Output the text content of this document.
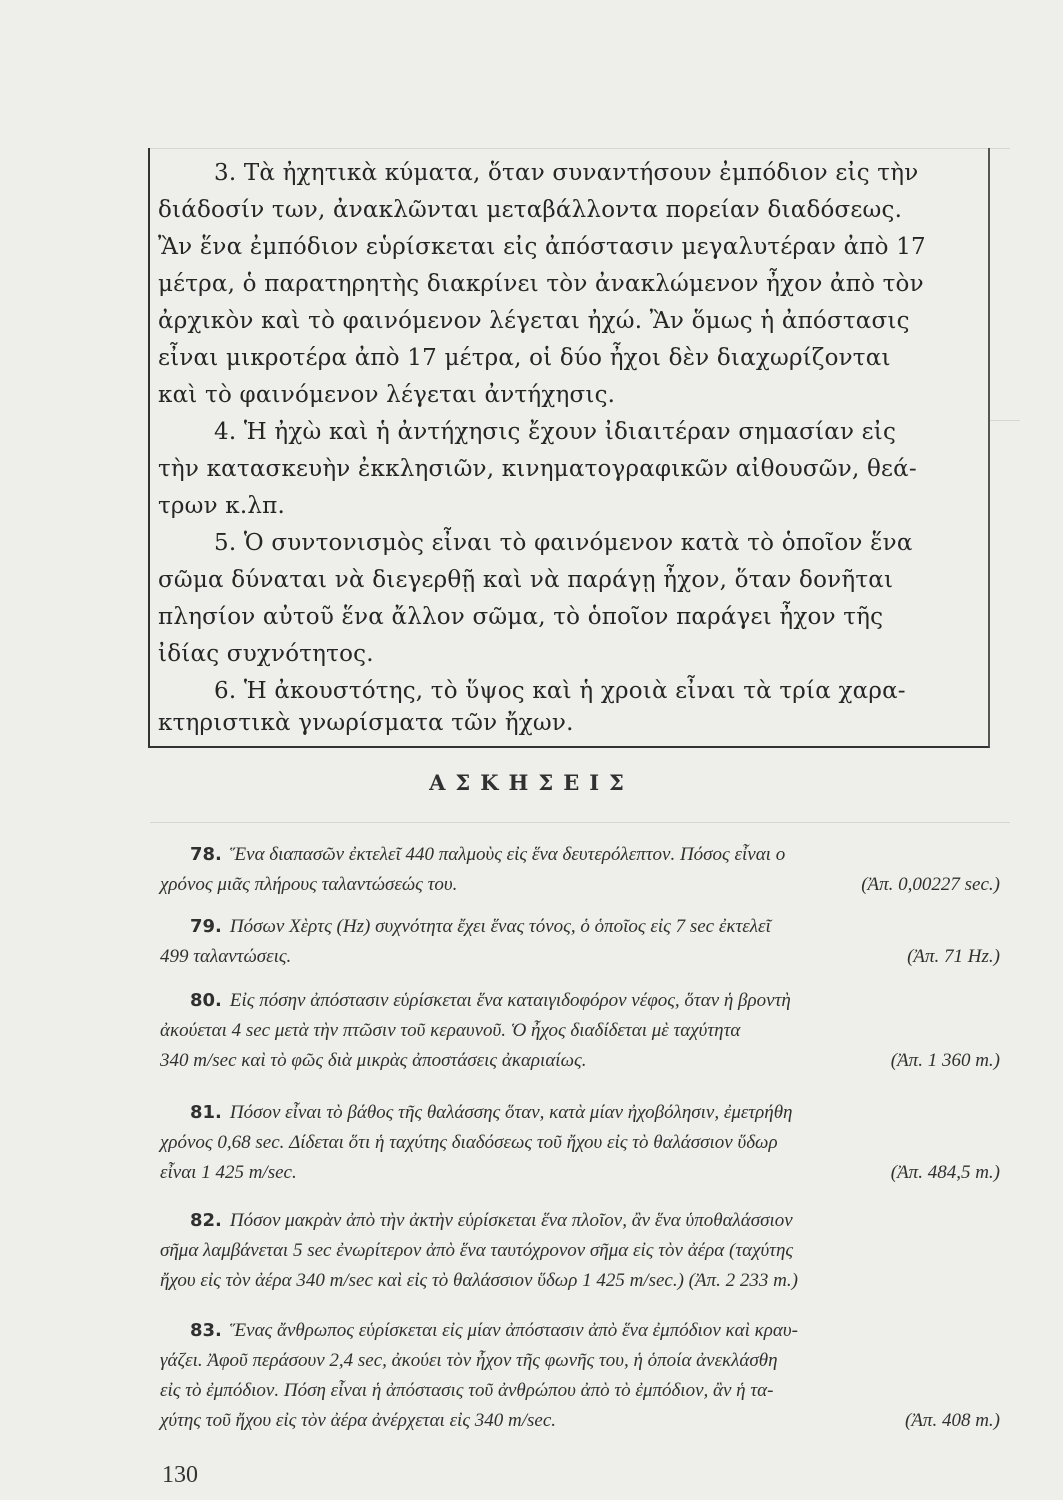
3. Τὰ ἠχητικὰ κύματα, ὅταν συναντήσουν ἐμπόδιον εἰς τὴν
διάδοσίν των, ἀνακλῶνται μεταβάλλοντα πορείαν διαδόσεως.
Ἂν ἕνα ἐμπόδιον εὑρίσκεται εἰς ἀπόστασιν μεγαλυτέραν ἀπὸ 17
μέτρα, ὁ παρατηρητὴς διακρίνει τὸν ἀνακλώμενον ἦχον ἀπὸ τὸν
ἀρχικὸν καὶ τὸ φαινόμενον λέγεται ἠχώ. Ἂν ὅμως ἡ ἀπόστασις
εἶναι μικροτέρα ἀπὸ 17 μέτρα, οἱ δύο ἦχοι δὲν διαχωρίζονται
καὶ τὸ φαινόμενον λέγεται ἀντήχησις.
4. Ἡ ἠχὼ καὶ ἡ ἀντήχησις ἔχουν ἰδιαιτέραν σημασίαν εἰς
τὴν κατασκευὴν ἐκκλησιῶν, κινηματογραφικῶν αἰθουσῶν, θεά-
τρων κ.λπ.
5. Ὁ συντονισμὸς εἶναι τὸ φαινόμενον κατὰ τὸ ὁποῖον ἕνα
σῶμα δύναται νὰ διεγερθῇ καὶ νὰ παράγῃ ἦχον, ὅταν δονῆται
πλησίον αὐτοῦ ἕνα ἄλλον σῶμα, τὸ ὁποῖον παράγει ἦχον τῆς
ἰδίας συχνότητος.
6. Ἡ ἀκουστότης, τὸ ὕψος καὶ ἡ χροιὰ εἶναι τὰ τρία χαρα-
κτηριστικὰ γνωρίσματα τῶν ἤχων.
ΑΣΚΗΣΕΙΣ
78. Ἕνα διαπασῶν ἐκτελεῖ 440 παλμοὺς εἰς ἕνα δευτερόλεπτον. Πόσος εἶναι ο
χρόνος μιᾶς πλήρους ταλαντώσεώς του.	(Ἀπ. 0,00227 sec.)
79. Πόσων Χὲρτς (Hz) συχνότητα ἔχει ἕνας τόνος, ὁ ὁποῖος εἰς 7 sec ἐκτελεῖ
499 ταλαντώσεις.	(Ἀπ. 71 Hz.)
80. Εἰς πόσην ἀπόστασιν εὑρίσκεται ἕνα καταιγιδοφόρον νέφος, ὅταν ἡ βροντὴ
ἀκούεται 4 sec μετὰ τὴν πτῶσιν τοῦ κεραυνοῦ. Ὁ ἦχος διαδίδεται μὲ ταχύτητα
340 m/sec καὶ τὸ φῶς διὰ μικρὰς ἀποστάσεις ἀκαριαίως.	(Ἀπ. 1 360 m.)
81. Πόσον εἶναι τὸ βάθος τῆς θαλάσσης ὅταν, κατὰ μίαν ἠχοβόλησιν, ἐμετρήθη
χρόνος 0,68 sec. Δίδεται ὅτι ἡ ταχύτης διαδόσεως τοῦ ἤχου εἰς τὸ θαλάσσιον ὕδωρ
εἶναι 1 425 m/sec.	(Ἀπ. 484,5 m.)
82. Πόσον μακρὰν ἀπὸ τὴν ἀκτὴν εὑρίσκεται ἕνα πλοῖον, ἂν ἕνα ὑποθαλάσσιον
σῆμα λαμβάνεται 5 sec ἐνωρίτερον ἀπὸ ἕνα ταυτόχρονον σῆμα εἰς τὸν ἀέρα (ταχύτης
ἤχου εἰς τὸν ἀέρα 340 m/sec καὶ εἰς τὸ θαλάσσιον ὕδωρ 1 425 m/sec.) (Ἀπ. 2 233 m.)
83. Ἕνας ἄνθρωπος εὑρίσκεται εἰς μίαν ἀπόστασιν ἀπὸ ἕνα ἐμπόδιον καὶ κραυ-
γάζει. Ἀφοῦ περάσουν 2,4 sec, ἀκούει τὸν ἦχον τῆς φωνῆς του, ἡ ὁποία ἀνεκλάσθη
εἰς τὸ ἐμπόδιον. Πόση εἶναι ἡ ἀπόστασις τοῦ ἀνθρώπου ἀπὸ τὸ ἐμπόδιον, ἂν ἡ τα-
χύτης τοῦ ἤχου εἰς τὸν ἀέρα ἀνέρχεται εἰς 340 m/sec.	(Ἀπ. 408 m.)
130
